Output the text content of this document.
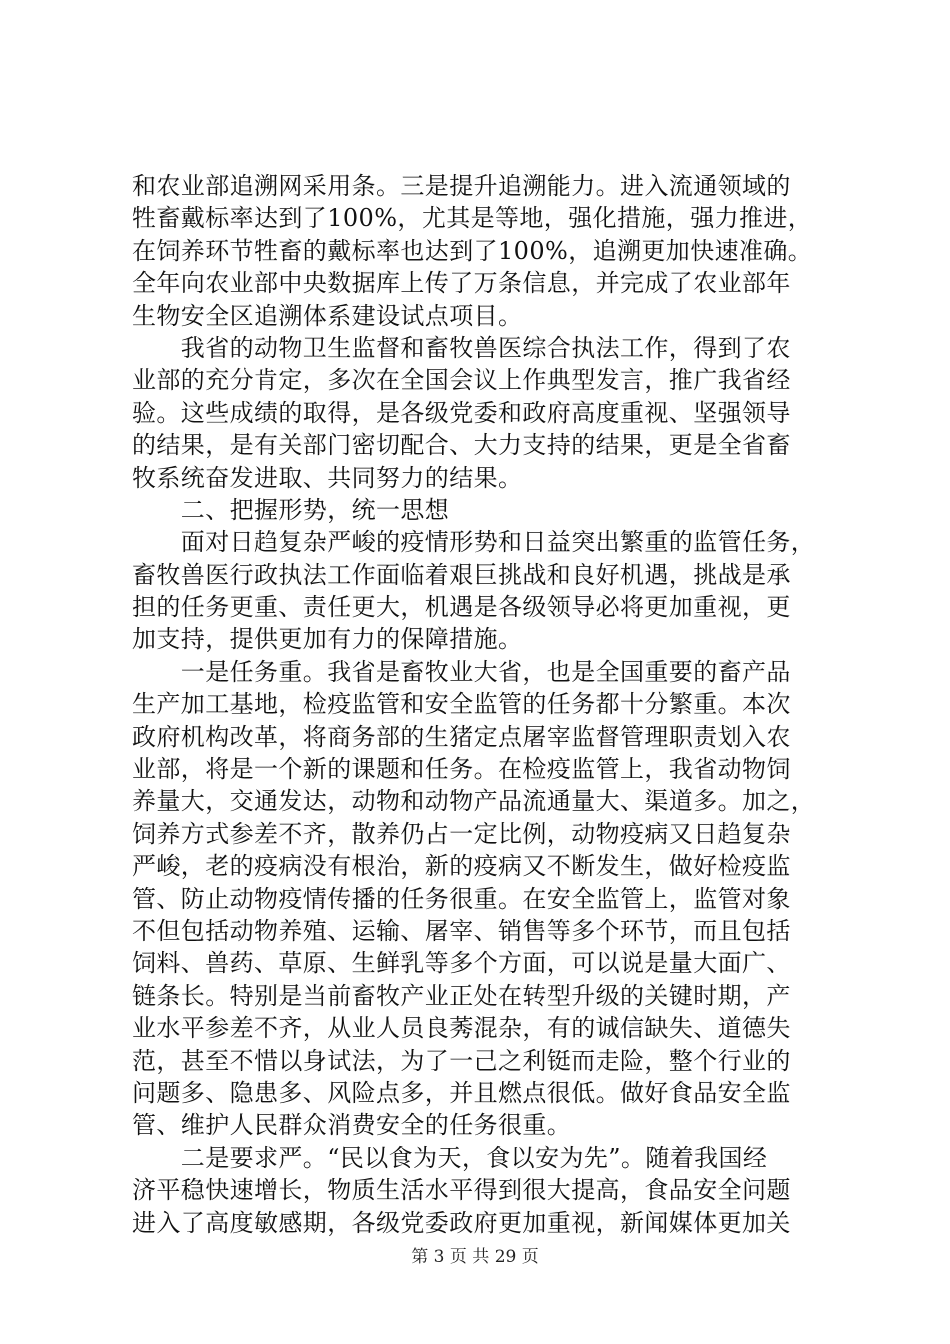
和农业部追溯网采用条。三是提升追溯能力。进入流通领域的
牲畜戴标率达到了100%，尤其是等地，强化措施，强力推进，
在饲养环节牲畜的戴标率也达到了100%，追溯更加快速准确。
全年向农业部中央数据库上传了万条信息，并完成了农业部年
生物安全区追溯体系建设试点项目。
　　我省的动物卫生监督和畜牧兽医综合执法工作，得到了农
业部的充分肯定，多次在全国会议上作典型发言，推广我省经
验。这些成绩的取得，是各级党委和政府高度重视、坚强领导
的结果，是有关部门密切配合、大力支持的结果，更是全省畜
牧系统奋发进取、共同努力的结果。
　　二、把握形势，统一思想
　　面对日趋复杂严峻的疫情形势和日益突出繁重的监管任务，
畜牧兽医行政执法工作面临着艰巨挑战和良好机遇，挑战是承
担的任务更重、责任更大，机遇是各级领导必将更加重视，更
加支持，提供更加有力的保障措施。
　　一是任务重。我省是畜牧业大省，也是全国重要的畜产品
生产加工基地，检疫监管和安全监管的任务都十分繁重。本次
政府机构改革，将商务部的生猪定点屠宰监督管理职责划入农
业部，将是一个新的课题和任务。在检疫监管上，我省动物饲
养量大，交通发达，动物和动物产品流通量大、渠道多。加之，
饲养方式参差不齐，散养仍占一定比例，动物疫病又日趋复杂
严峻，老的疫病没有根治，新的疫病又不断发生，做好检疫监
管、防止动物疫情传播的任务很重。在安全监管上，监管对象
不但包括动物养殖、运输、屠宰、销售等多个环节，而且包括
饲料、兽药、草原、生鲜乳等多个方面，可以说是量大面广、
链条长。特别是当前畜牧产业正处在转型升级的关键时期，产
业水平参差不齐，从业人员良莠混杂，有的诚信缺失、道德失
范，甚至不惜以身试法，为了一己之利铤而走险，整个行业的
问题多、隐患多、风险点多，并且燃点很低。做好食品安全监
管、维护人民群众消费安全的任务很重。
　　二是要求严。“民以食为天，食以安为先”。随着我国经
济平稳快速增长，物质生活水平得到很大提高，食品安全问题
进入了高度敏感期，各级党委政府更加重视，新闻媒体更加关
第 3 页 共 29 页
